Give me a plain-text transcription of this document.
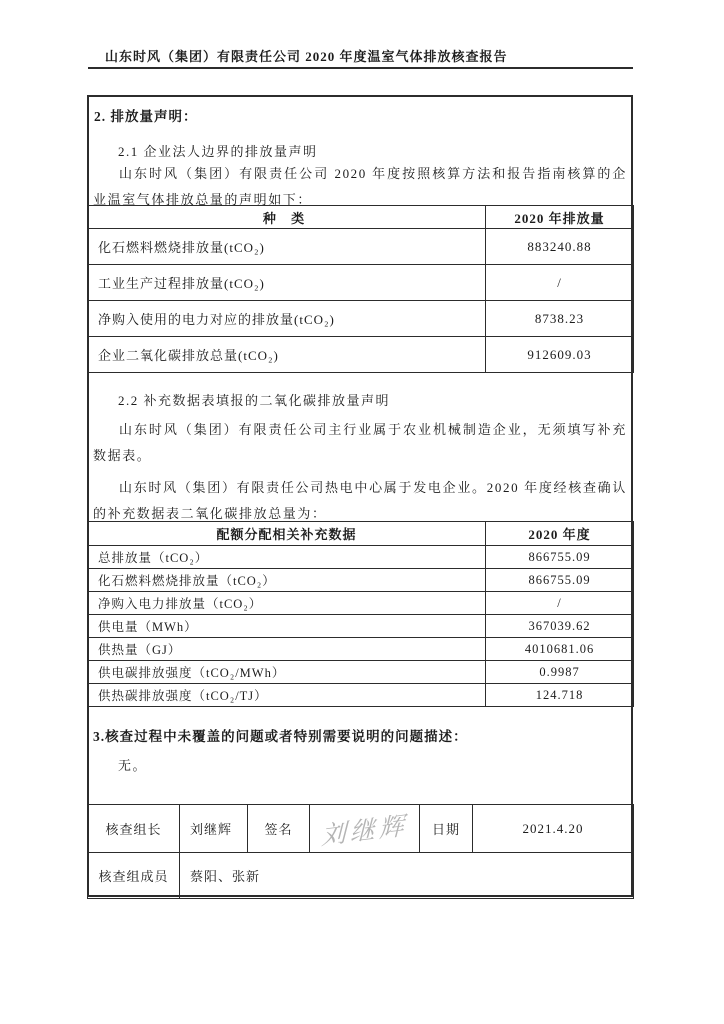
山东时风（集团）有限责任公司 2020 年度温室气体排放核查报告
2. 排放量声明：
2.1 企业法人边界的排放量声明
山东时风（集团）有限责任公司 2020 年度按照核算方法和报告指南核算的企业温室气体排放总量的声明如下：
种 类	2020 年排放量
化石燃料燃烧排放量(tCO₂)	883240.88
工业生产过程排放量(tCO₂)	/
净购入使用的电力对应的排放量(tCO₂)	8738.23
企业二氧化碳排放总量(tCO₂)	912609.03
2.2 补充数据表填报的二氧化碳排放量声明
山东时风（集团）有限责任公司主行业属于农业机械制造企业，无须填写补充数据表。
山东时风（集团）有限责任公司热电中心属于发电企业。2020 年度经核查确认的补充数据表二氧化碳排放总量为：
配额分配相关补充数据	2020 年度
总排放量（tCO₂）	866755.09
化石燃料燃烧排放量（tCO₂）	866755.09
净购入电力排放量（tCO₂）	/
供电量（MWh）	367039.62
供热量（GJ）	4010681.06
供电碳排放强度（tCO₂/MWh）	0.9987
供热碳排放强度（tCO₂/TJ）	124.718
3.核查过程中未覆盖的问题或者特别需要说明的问题描述：
无。
核查组长	刘继辉	签名	刘继辉	日期	2021.4.20
核查组成员	蔡阳、张新				
